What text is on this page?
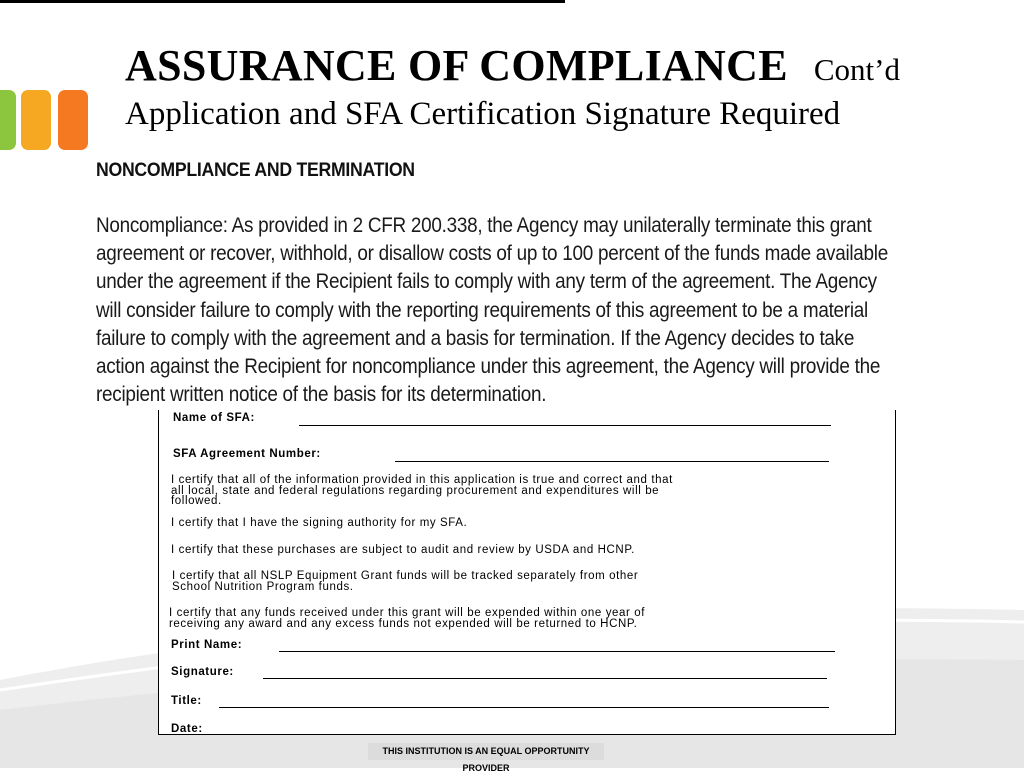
ASSURANCE OF COMPLIANCE Cont’d
Application and SFA Certification Signature Required
NONCOMPLIANCE AND TERMINATION
Noncompliance: As provided in 2 CFR 200.338, the Agency may unilaterally terminate this grant
agreement or recover, withhold, or disallow costs of up to 100 percent of the funds made available
under the agreement if the Recipient fails to comply with any term of the agreement. The Agency
will consider failure to comply with the reporting requirements of this agreement to be a material
failure to comply with the agreement and a basis for termination. If the Agency decides to take
action against the Recipient for noncompliance under this agreement, the Agency will provide the
recipient written notice of the basis for its determination.
Name of SFA:
SFA Agreement Number:
I certify that all of the information provided in this application is true and correct and that
all local, state and federal regulations regarding procurement and expenditures will be
followed.
I certify that I have the signing authority for my SFA.
I certify that these purchases are subject to audit and review by USDA and HCNP.
I certify that all NSLP Equipment Grant funds will be tracked separately from other
School Nutrition Program funds.
I certify that any funds received under this grant will be expended within one year of
receiving any award and any excess funds not expended will be returned to HCNP.
Print Name:
Signature:
Title:
Date:
THIS INSTITUTION IS AN EQUAL OPPORTUNITY PROVIDER
